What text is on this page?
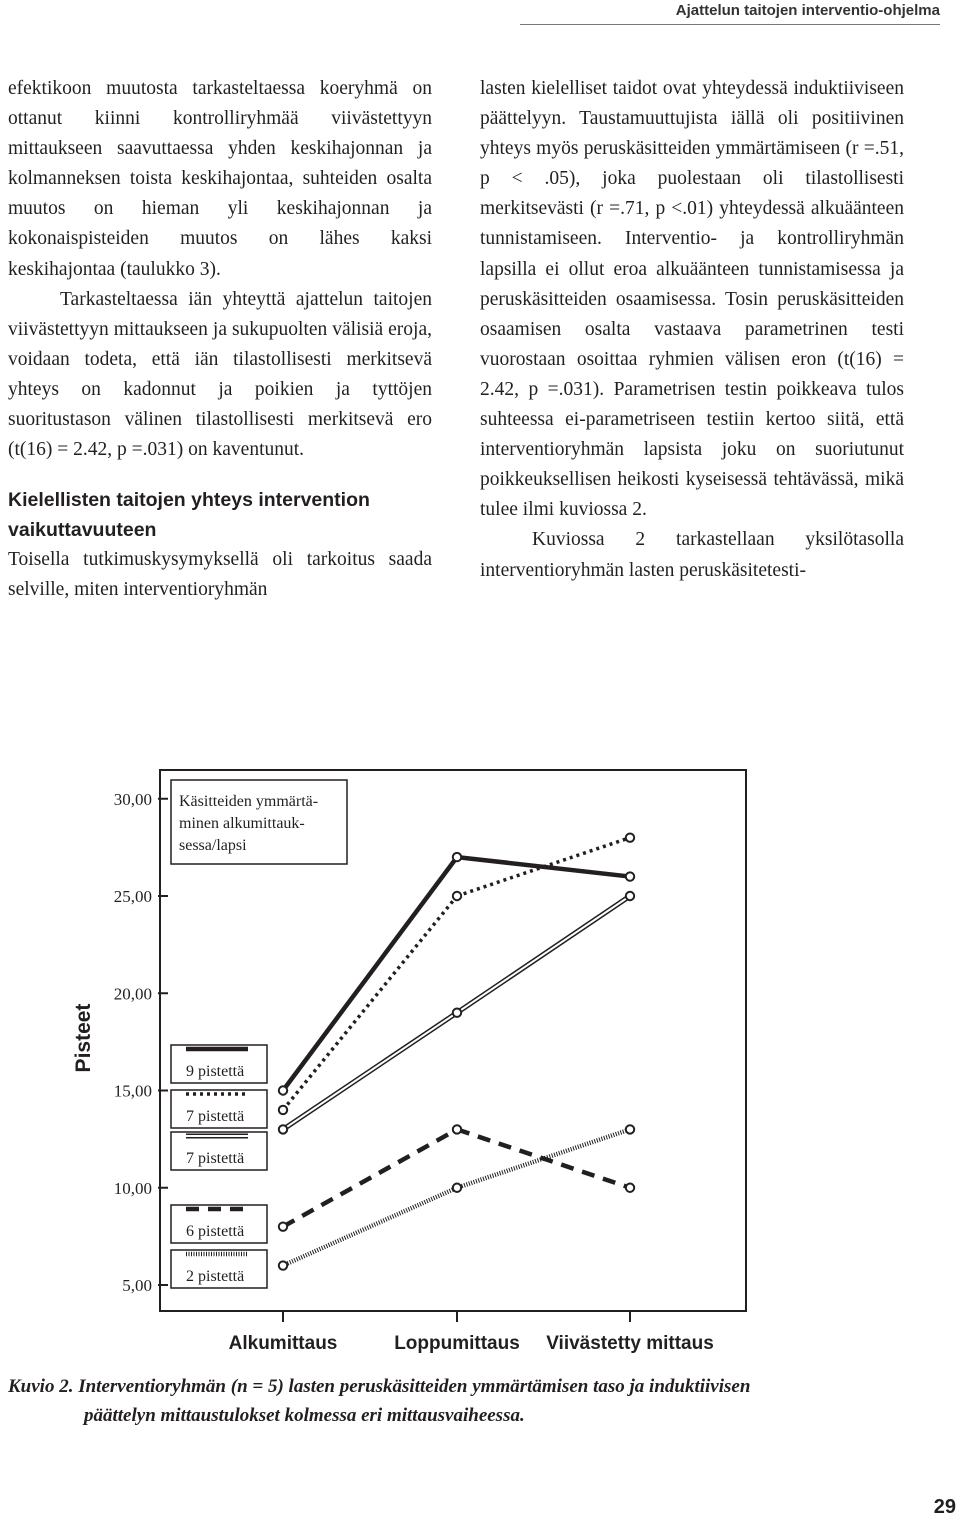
Ajattelun taitojen interventio-ohjelma

efektikoon muutosta tarkasteltaessa koeryhmä on ottanut kiinni kontrolliryhmää viivästettyyn mittaukseen saavuttaessa yhden keskihajonnan ja kolmanneksen toista keskihajontaa, suhteiden osalta muutos on hieman yli keskihajonnan ja kokonaispisteiden muutos on lähes kaksi keskihajontaa (taulukko 3).

Tarkasteltaessa iän yhteyttä ajattelun taitojen viivästettyyn mittaukseen ja sukupuolten välisiä eroja, voidaan todeta, että iän tilastollisesti merkitsevä yhteys on kadonnut ja poikien ja tyttöjen suoritustason välinen tilastollisesti merkitsevä ero (t(16) = 2.42, p =.031) on kaventunut.

Kielellisten taitojen yhteys intervention vaikuttavuuteen

Toisella tutkimuskysymyksellä oli tarkoitus saada selville, miten interventioryhmän

lasten kielelliset taidot ovat yhteydessä induktiiviseen päättelyyn. Taustamuuttujista iällä oli positiivinen yhteys myös peruskäsitteiden ymmärtämiseen (r =.51, p < .05), joka puolestaan oli tilastollisesti merkitsevästi (r =.71, p <.01) yhteydessä alkuäänteen tunnistamiseen. Interventio- ja kontrolliryhmän lapsilla ei ollut eroa alkuäänteen tunnistamisessa ja peruskäsitteiden osaamisessa. Tosin peruskäsitteiden osaamisen osalta vastaava parametrinen testi vuorostaan osoittaa ryhmien välisen eron (t(16) = 2.42, p =.031). Parametrisen testin poikkeava tulos suhteessa ei-parametriseen testiin kertoo siitä, että interventioryhmän lapsista joku on suoriutunut poikkeuksellisen heikosti kyseisessä tehtävässä, mikä tulee ilmi kuviossa 2.

Kuviossa 2 tarkastellaan yksilötasolla interventioryhmän lasten peruskäsitetesti-

Pisteet
30,00
25,00
20,00
15,00
10,00
5,00
Käsitteiden ymmärtä-
minen alkumittauk-
sessa/lapsi
9 pistettä
7 pistettä
7 pistettä
6 pistettä
2 pistettä
Alkumittaus	Loppumittaus Viivästetty mittaus
Kuvio 2. Interventioryhmän (n = 5) lasten peruskäsitteiden ymmärtämisen taso ja induktiivisen
päättelyn mittaustulokset kolmessa eri mittausvaiheessa.
29
